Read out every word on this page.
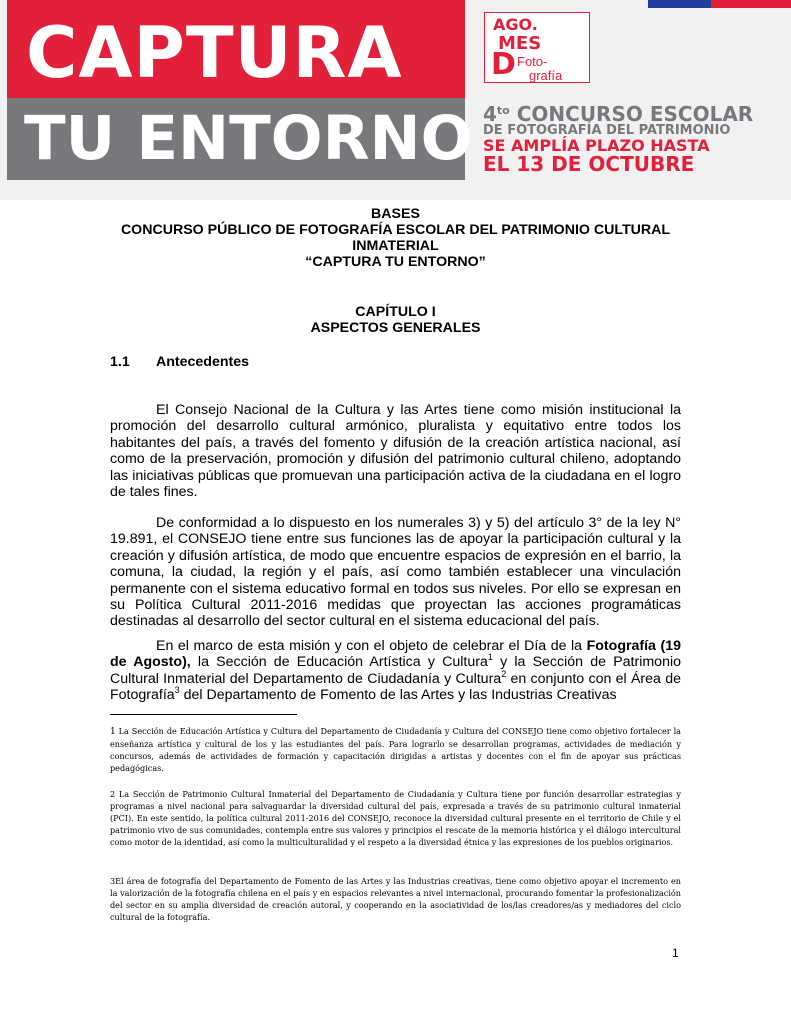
CAPTURA
TU ENTORNO
AGO.
MES
D Foto-
grafía
$4^{to}$ CONCURSO ESCOLAR
DE FOTOGRAFÍA DEL PATRIMONIO
SE AMPLÍA PLAZO HASTA
EL 13 DE OCTUBRE
BASES
CONCURSO PÚBLICO DE FOTOGRAFÍA ESCOLAR DEL PATRIMONIO CULTURAL
INMATERIAL
“CAPTURA TU ENTORNO”
CAPÍTULO I
ASPECTOS GENERALES
1.1 Antecedentes

El Consejo Nacional de la Cultura y las Artes tiene como misión institucional la promoción del desarrollo cultural armónico, pluralista y equitativo entre todos los habitantes del país, a través del fomento y difusión de la creación artística nacional, así como de la preservación, promoción y difusión del patrimonio cultural chileno, adoptando las iniciativas públicas que promuevan una participación activa de la ciudadana en el logro de tales fines.

De conformidad a lo dispuesto en los numerales 3) y 5) del artículo 3° de la ley N° 19.891, el CONSEJO tiene entre sus funciones las de apoyar la participación cultural y la creación y difusión artística, de modo que encuentre espacios de expresión en el barrio, la comuna, la ciudad, la región y el país, así como también establecer una vinculación permanente con el sistema educativo formal en todos sus niveles. Por ello se expresan en su Política Cultural 2011-2016 medidas que proyectan las acciones programáticas destinadas al desarrollo del sector cultural en el sistema educacional del país.

En el marco de esta misión y con el objeto de celebrar el Día de la Fotografía (19 de Agosto), la Sección de Educación Artística y Cultura$^1$ y la Sección de Patrimonio Cultural Inmaterial del Departamento de Ciudadanía y Cultura$^2$ en conjunto con el Área de Fotografía$^3$ del Departamento de Fomento de las Artes y las Industrias Creativas

1 La Sección de Educación Artística y Cultura del Departamento de Ciudadanía y Cultura del CONSEJO tiene como objetivo fortalecer la enseñanza artística y cultural de los y las estudiantes del país. Para lograrlo se desarrollan programas, actividades de mediación y concursos, además de actividades de formación y capacitación dirigidas a artistas y docentes con el fin de apoyar sus prácticas pedagógicas.

2 La Sección de Patrimonio Cultural Inmaterial del Departamento de Ciudadanía y Cultura tiene por función desarrollar estrategias y programas a nivel nacional para salvaguardar la diversidad cultural del país, expresada a través de su patrimonio cultural inmaterial (PCI). En este sentido, la política cultural 2011-2016 del CONSEJO, reconoce la diversidad cultural presente en el territorio de Chile y el patrimonio vivo de sus comunidades, contempla entre sus valores y principios el rescate de la memoria histórica y el diálogo intercultural como motor de la identidad, así como la multiculturalidad y el respeto a la diversidad étnica y las expresiones de los pueblos originarios.

3El área de fotografía del Departamento de Fomento de las Artes y las Industrias creativas, tiene como objetivo apoyar el incremento en la valorización de la fotografía chilena en el país y en espacios relevantes a nivel internacional, procurando fomentar la profesionalización del sector en su amplia diversidad de creación autoral, y cooperando en la asociatividad de los/las creadores/as y mediadores del ciclo cultural de la fotografía.

1
